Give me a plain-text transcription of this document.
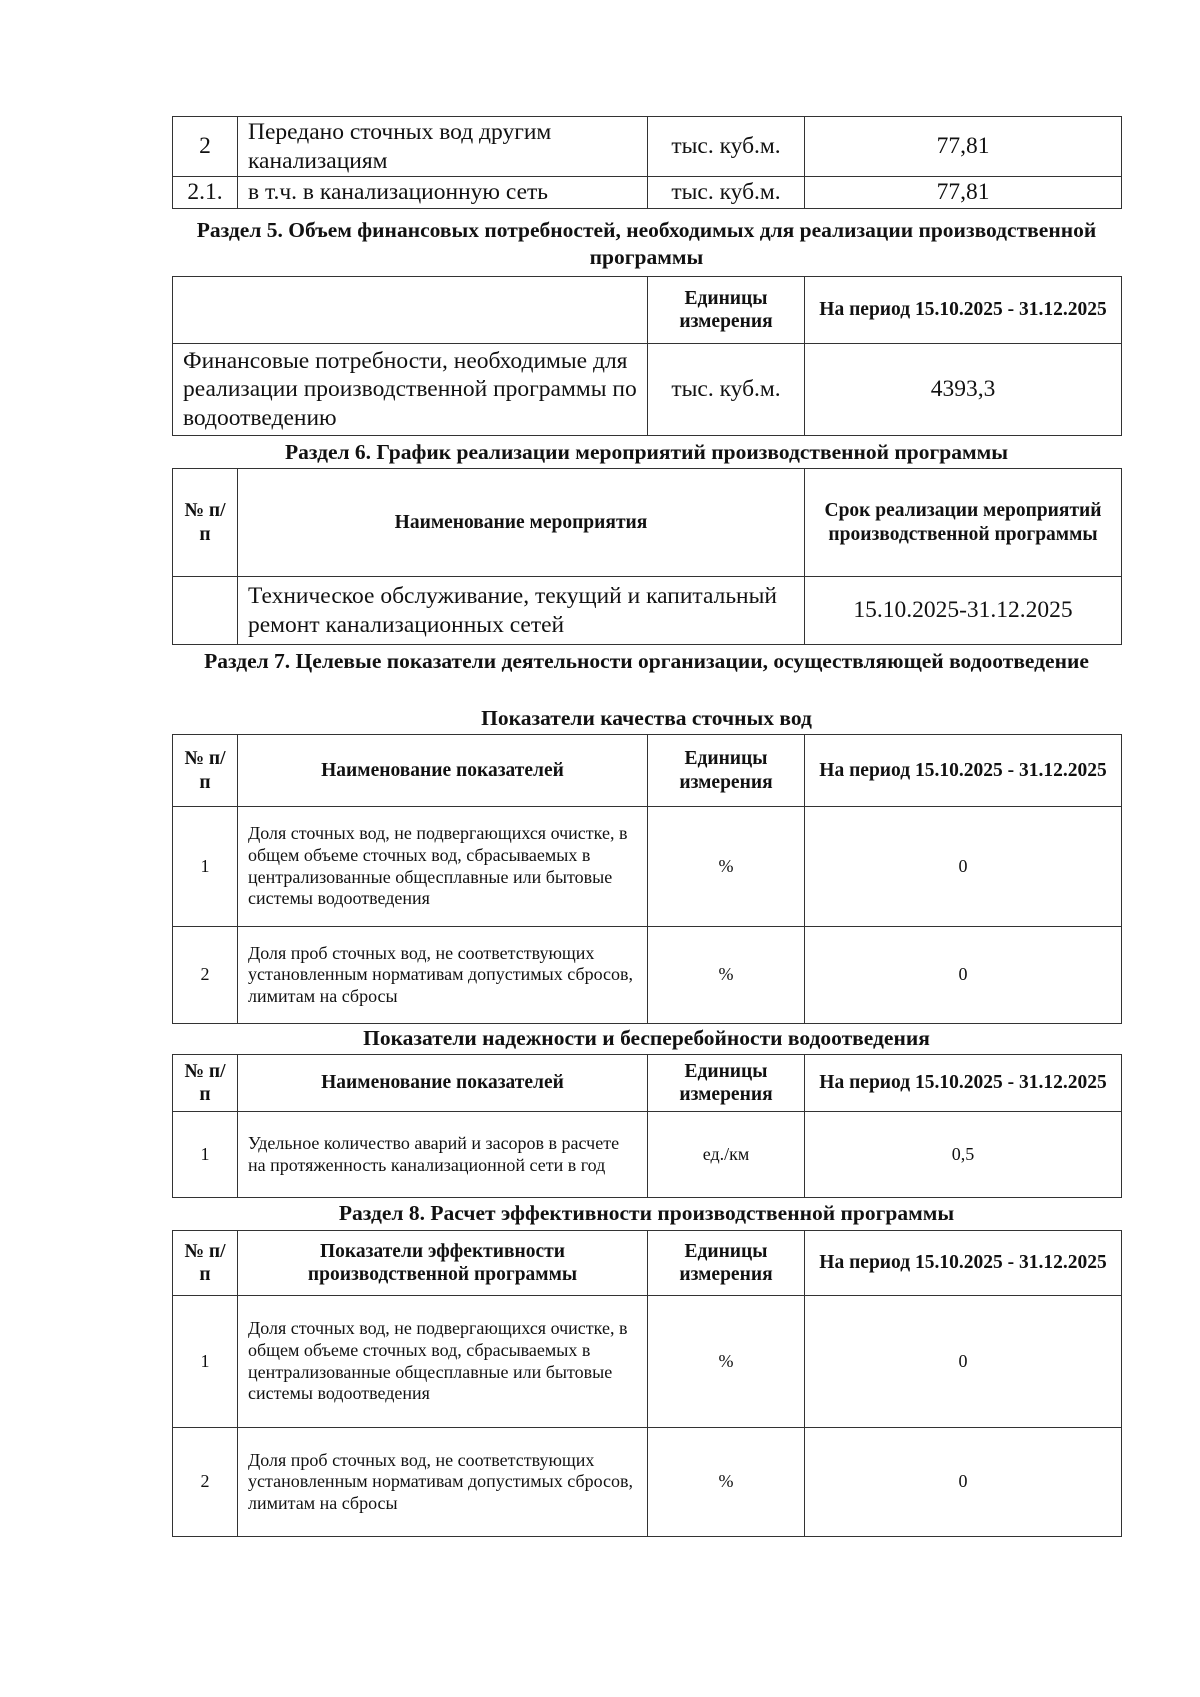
2	Передано сточных вод другим канализациям	тыс. куб.м.	77,81
2.1.	в т.ч. в канализационную сеть	тыс. куб.м.	77,81

Раздел 5. Объем финансовых потребностей, необходимых для реализации производственной программы

	Единицы измерения	На период 15.10.2025 - 31.12.2025
Финансовые потребности, необходимые для реализации производственной программы по водоотведению	тыс. куб.м.	4393,3

Раздел 6. График реализации мероприятий производственной программы

№ п/п	Наименование мероприятия	Срок реализации мероприятий производственной программы
	Техническое обслуживание, текущий и капитальный ремонт канализационных сетей	15.10.2025-31.12.2025

Раздел 7. Целевые показатели деятельности организации, осуществляющей водоотведение

Показатели качества сточных вод

№ п/п	Наименование показателей	Единицы измерения	На период 15.10.2025 - 31.12.2025
1	Доля сточных вод, не подвергающихся очистке, в общем объеме сточных вод, сбрасываемых в централизованные общесплавные или бытовые системы водоотведения	%	0
2	Доля проб сточных вод, не соответствующих установленным нормативам допустимых сбросов, лимитам на сбросы	%	0

Показатели надежности и бесперебойности водоотведения

№ п/п	Наименование показателей	Единицы измерения	На период 15.10.2025 - 31.12.2025
1	Удельное количество аварий и засоров в расчете на протяженность канализационной сети в год	ед./км	0,5

Раздел 8. Расчет эффективности производственной программы

№ п/п	Показатели эффективности производственной программы	Единицы измерения	На период 15.10.2025 - 31.12.2025
1	Доля сточных вод, не подвергающихся очистке, в общем объеме сточных вод, сбрасываемых в централизованные общесплавные или бытовые системы водоотведения	%	0
2	Доля проб сточных вод, не соответствующих установленным нормативам допустимых сбросов, лимитам на сбросы	%	0
